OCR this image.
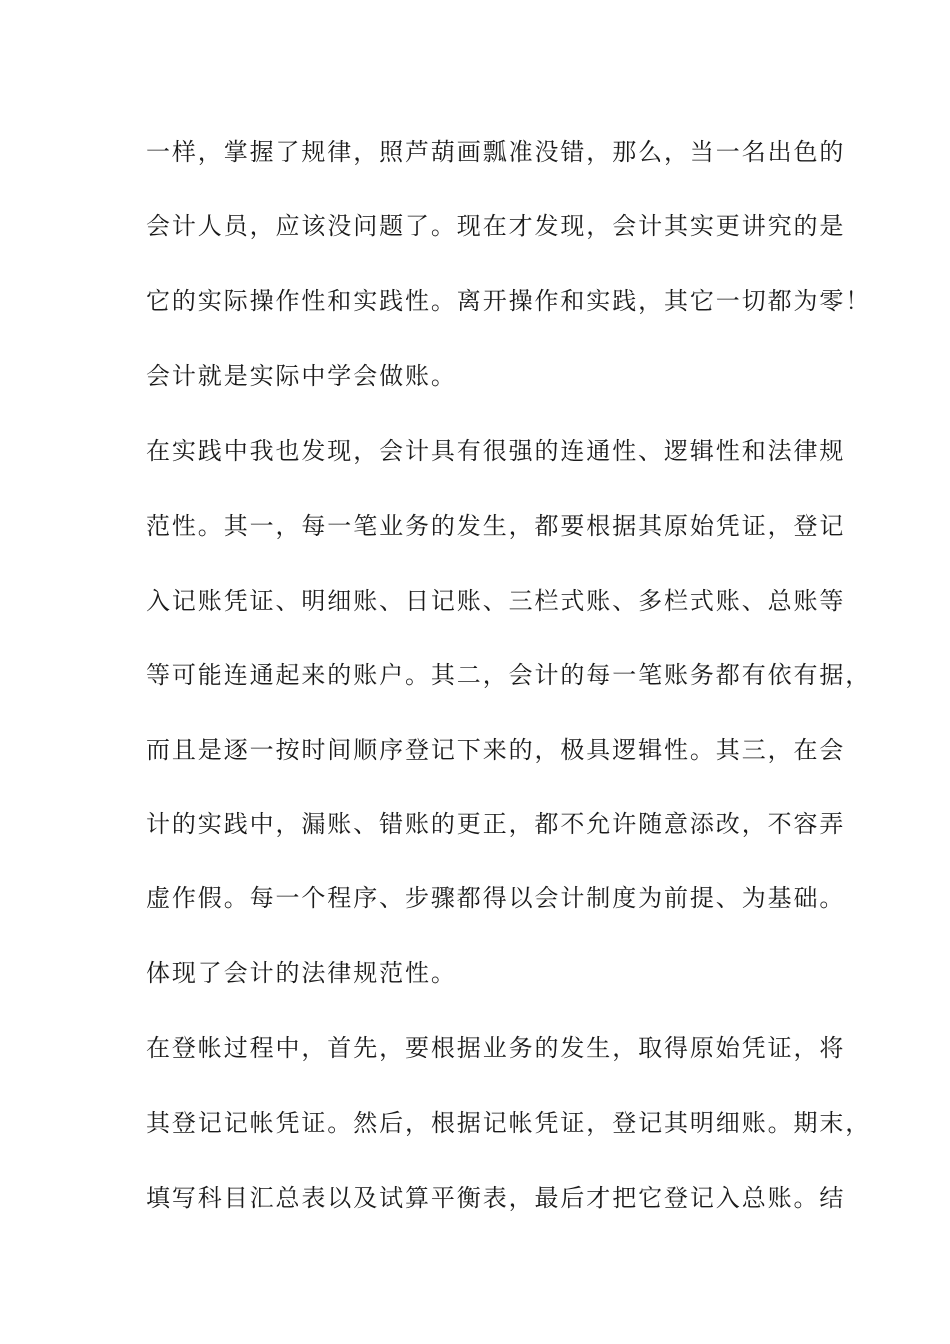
一样，掌握了规律，照芦葫画瓢准没错，那么，当一名出色的
会计人员，应该没问题了。现在才发现，会计其实更讲究的是
它的实际操作性和实践性。离开操作和实践，其它一切都为零！
会计就是实际中学会做账。
在实践中我也发现，会计具有很强的连通性、逻辑性和法律规
范性。其一，每一笔业务的发生，都要根据其原始凭证，登记
入记账凭证、明细账、日记账、三栏式账、多栏式账、总账等
等可能连通起来的账户。其二，会计的每一笔账务都有依有据，
而且是逐一按时间顺序登记下来的，极具逻辑性。其三，在会
计的实践中，漏账、错账的更正，都不允许随意添改，不容弄
虚作假。每一个程序、步骤都得以会计制度为前提、为基础。
体现了会计的法律规范性。
在登帐过程中，首先，要根据业务的发生，取得原始凭证，将
其登记记帐凭证。然后，根据记帐凭证，登记其明细账。期末，
填写科目汇总表以及试算平衡表，最后才把它登记入总账。结
